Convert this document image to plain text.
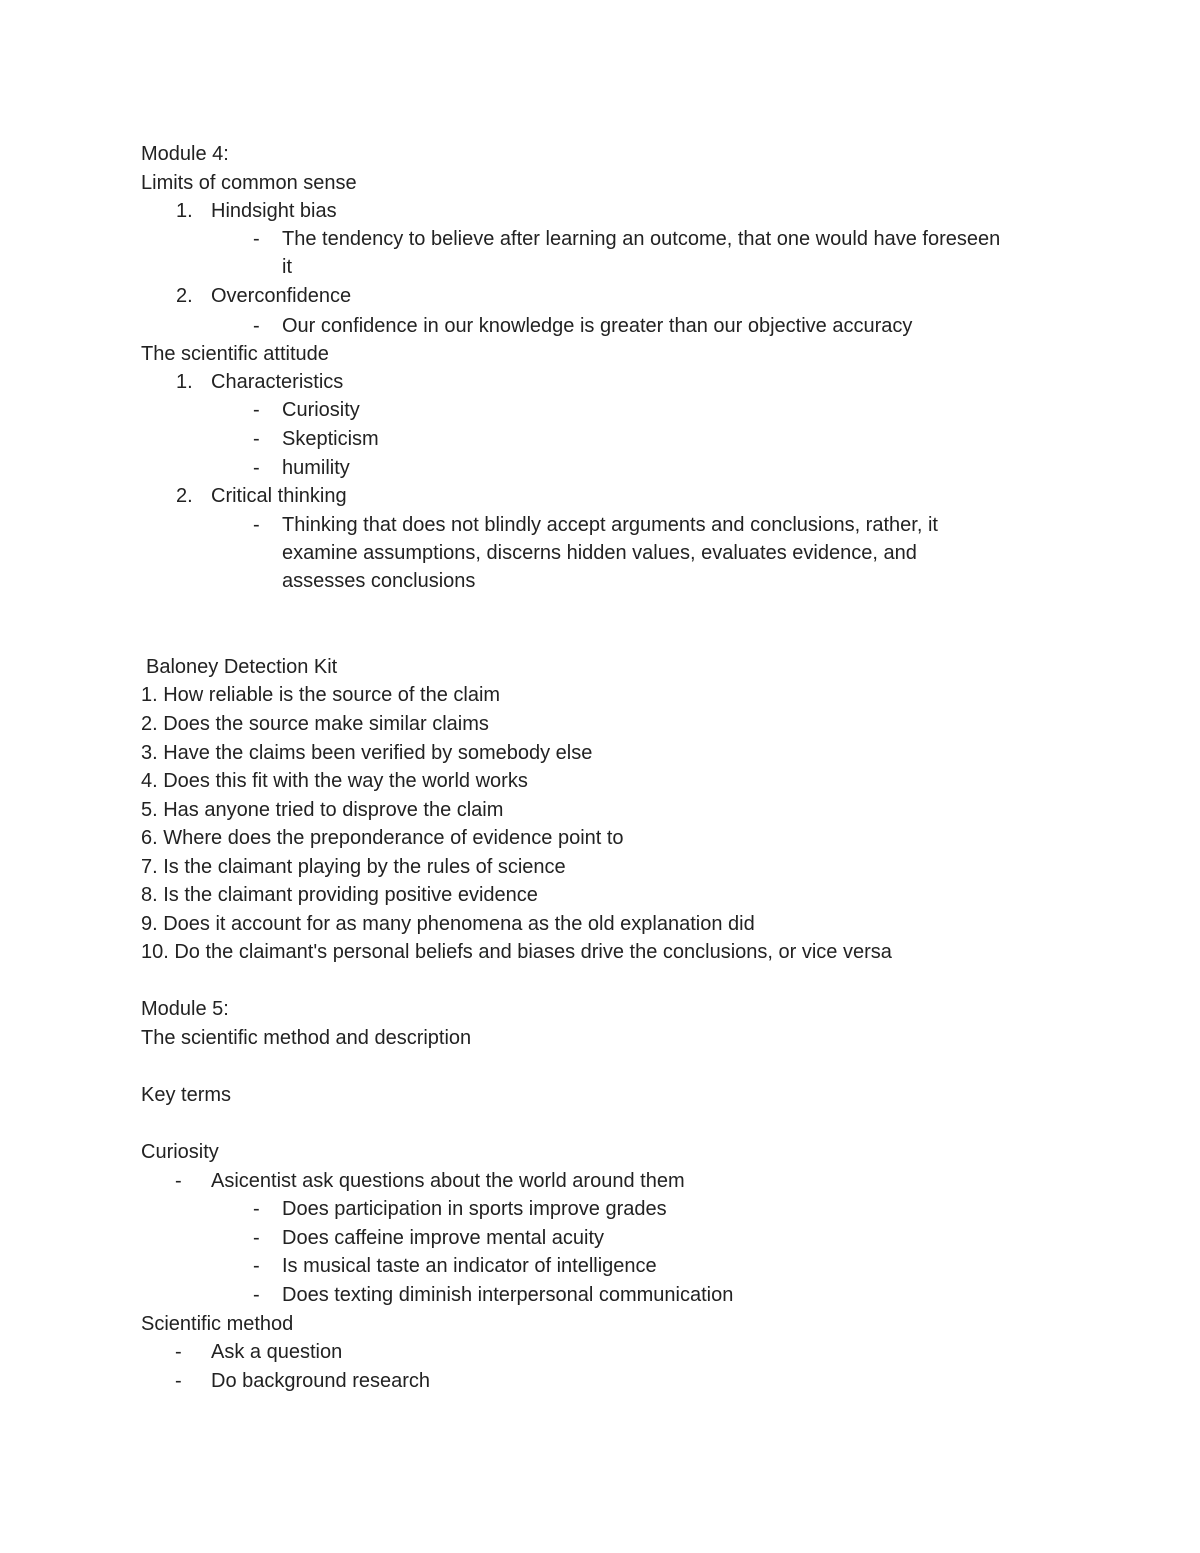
Module 4:
Limits of common sense
1. Hindsight bias
- The tendency to believe after learning an outcome, that one would have foreseen
it
2. Overconfidence
- Our confidence in our knowledge is greater than our objective accuracy
The scientific attitude
1. Characteristics
- Curiosity
- Skepticism
- humility
2. Critical thinking
- Thinking that does not blindly accept arguments and conclusions, rather, it
examine assumptions, discerns hidden values, evaluates evidence, and
assesses conclusions
Baloney Detection Kit
1. How reliable is the source of the claim
2. Does the source make similar claims
3. Have the claims been verified by somebody else
4. Does this fit with the way the world works
5. Has anyone tried to disprove the claim
6. Where does the preponderance of evidence point to
7. Is the claimant playing by the rules of science
8. Is the claimant providing positive evidence
9. Does it account for as many phenomena as the old explanation did
10. Do the claimant's personal beliefs and biases drive the conclusions, or vice versa
Module 5:
The scientific method and description
Key terms
Curiosity
- Asicentist ask questions about the world around them
- Does participation in sports improve grades
- Does caffeine improve mental acuity
- Is musical taste an indicator of intelligence
- Does texting diminish interpersonal communication
Scientific method
- Ask a question
- Do background research
